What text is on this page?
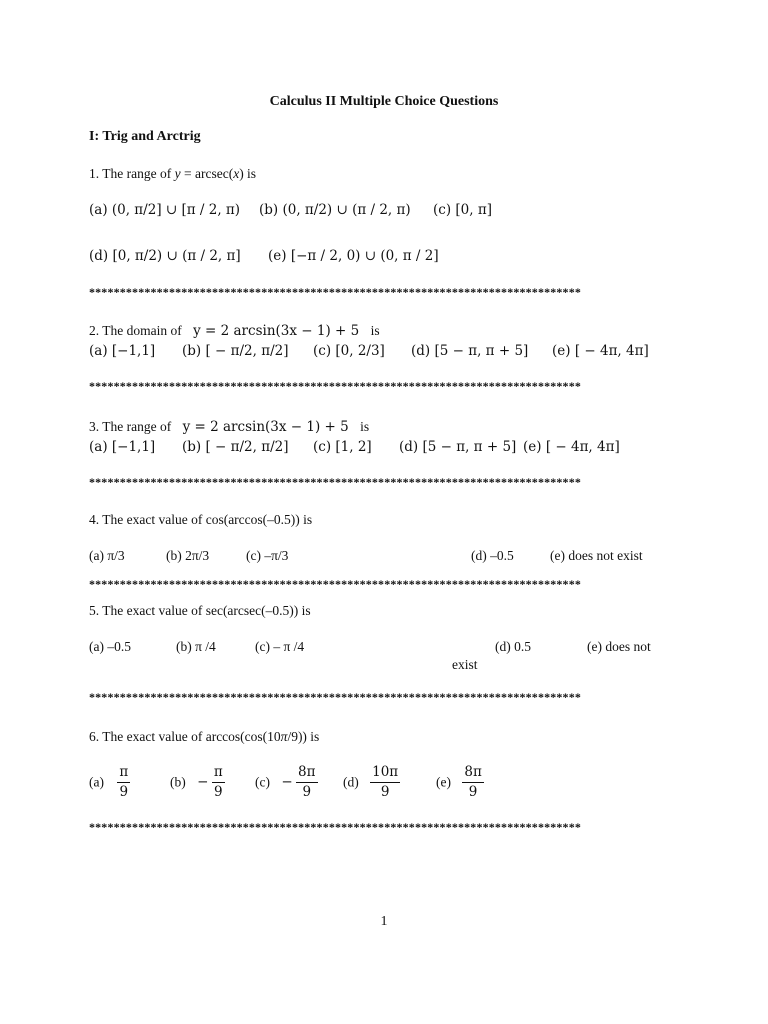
Calculus II Multiple Choice Questions
I: Trig and Arctrig
1. The range of y = arcsec(x) is
(a) (0, π/2] ∪ [π / 2, π) (b) (0, π/2) ∪ (π / 2, π) (c) [0, π]
(d) [0, π/2) ∪ (π / 2, π] (e) [−π / 2, 0) ∪ (0, π / 2]
********************************************************************************
2. The domain of y = 2 arcsin(3x − 1) + 5 is
(a) [−1,1] (b) [ − π/2, π/2] (c) [0, 2/3] (d) [5 − π, π + 5] (e) [ − 4π, 4π]
********************************************************************************
3. The range of y = 2 arcsin(3x − 1) + 5 is
(a) [−1,1] (b) [ − π/2, π/2] (c) [1, 2] (d) [5 − π, π + 5] (e) [ − 4π, 4π]
********************************************************************************
4. The exact value of cos(arccos(–0.5)) is
(a) π/3	(b) 2π/3	(c) –π/3	(d) –0.5	(e) does not exist
********************************************************************************
5. The exact value of sec(arcsec(–0.5)) is
(a) –0.5	(b) π /4	(c) – π /4	(d) 0.5	(e) does not
exist
********************************************************************************
6. The exact value of arccos(cos(10π/9)) is
$(a) \frac{\pi}{9}$	$(b) - \frac{\pi}{9} (c) - \frac{8\pi}{9} (d) \frac{10\pi}{9}$	$(e) \frac{8\pi}{9}$
********************************************************************************
1
